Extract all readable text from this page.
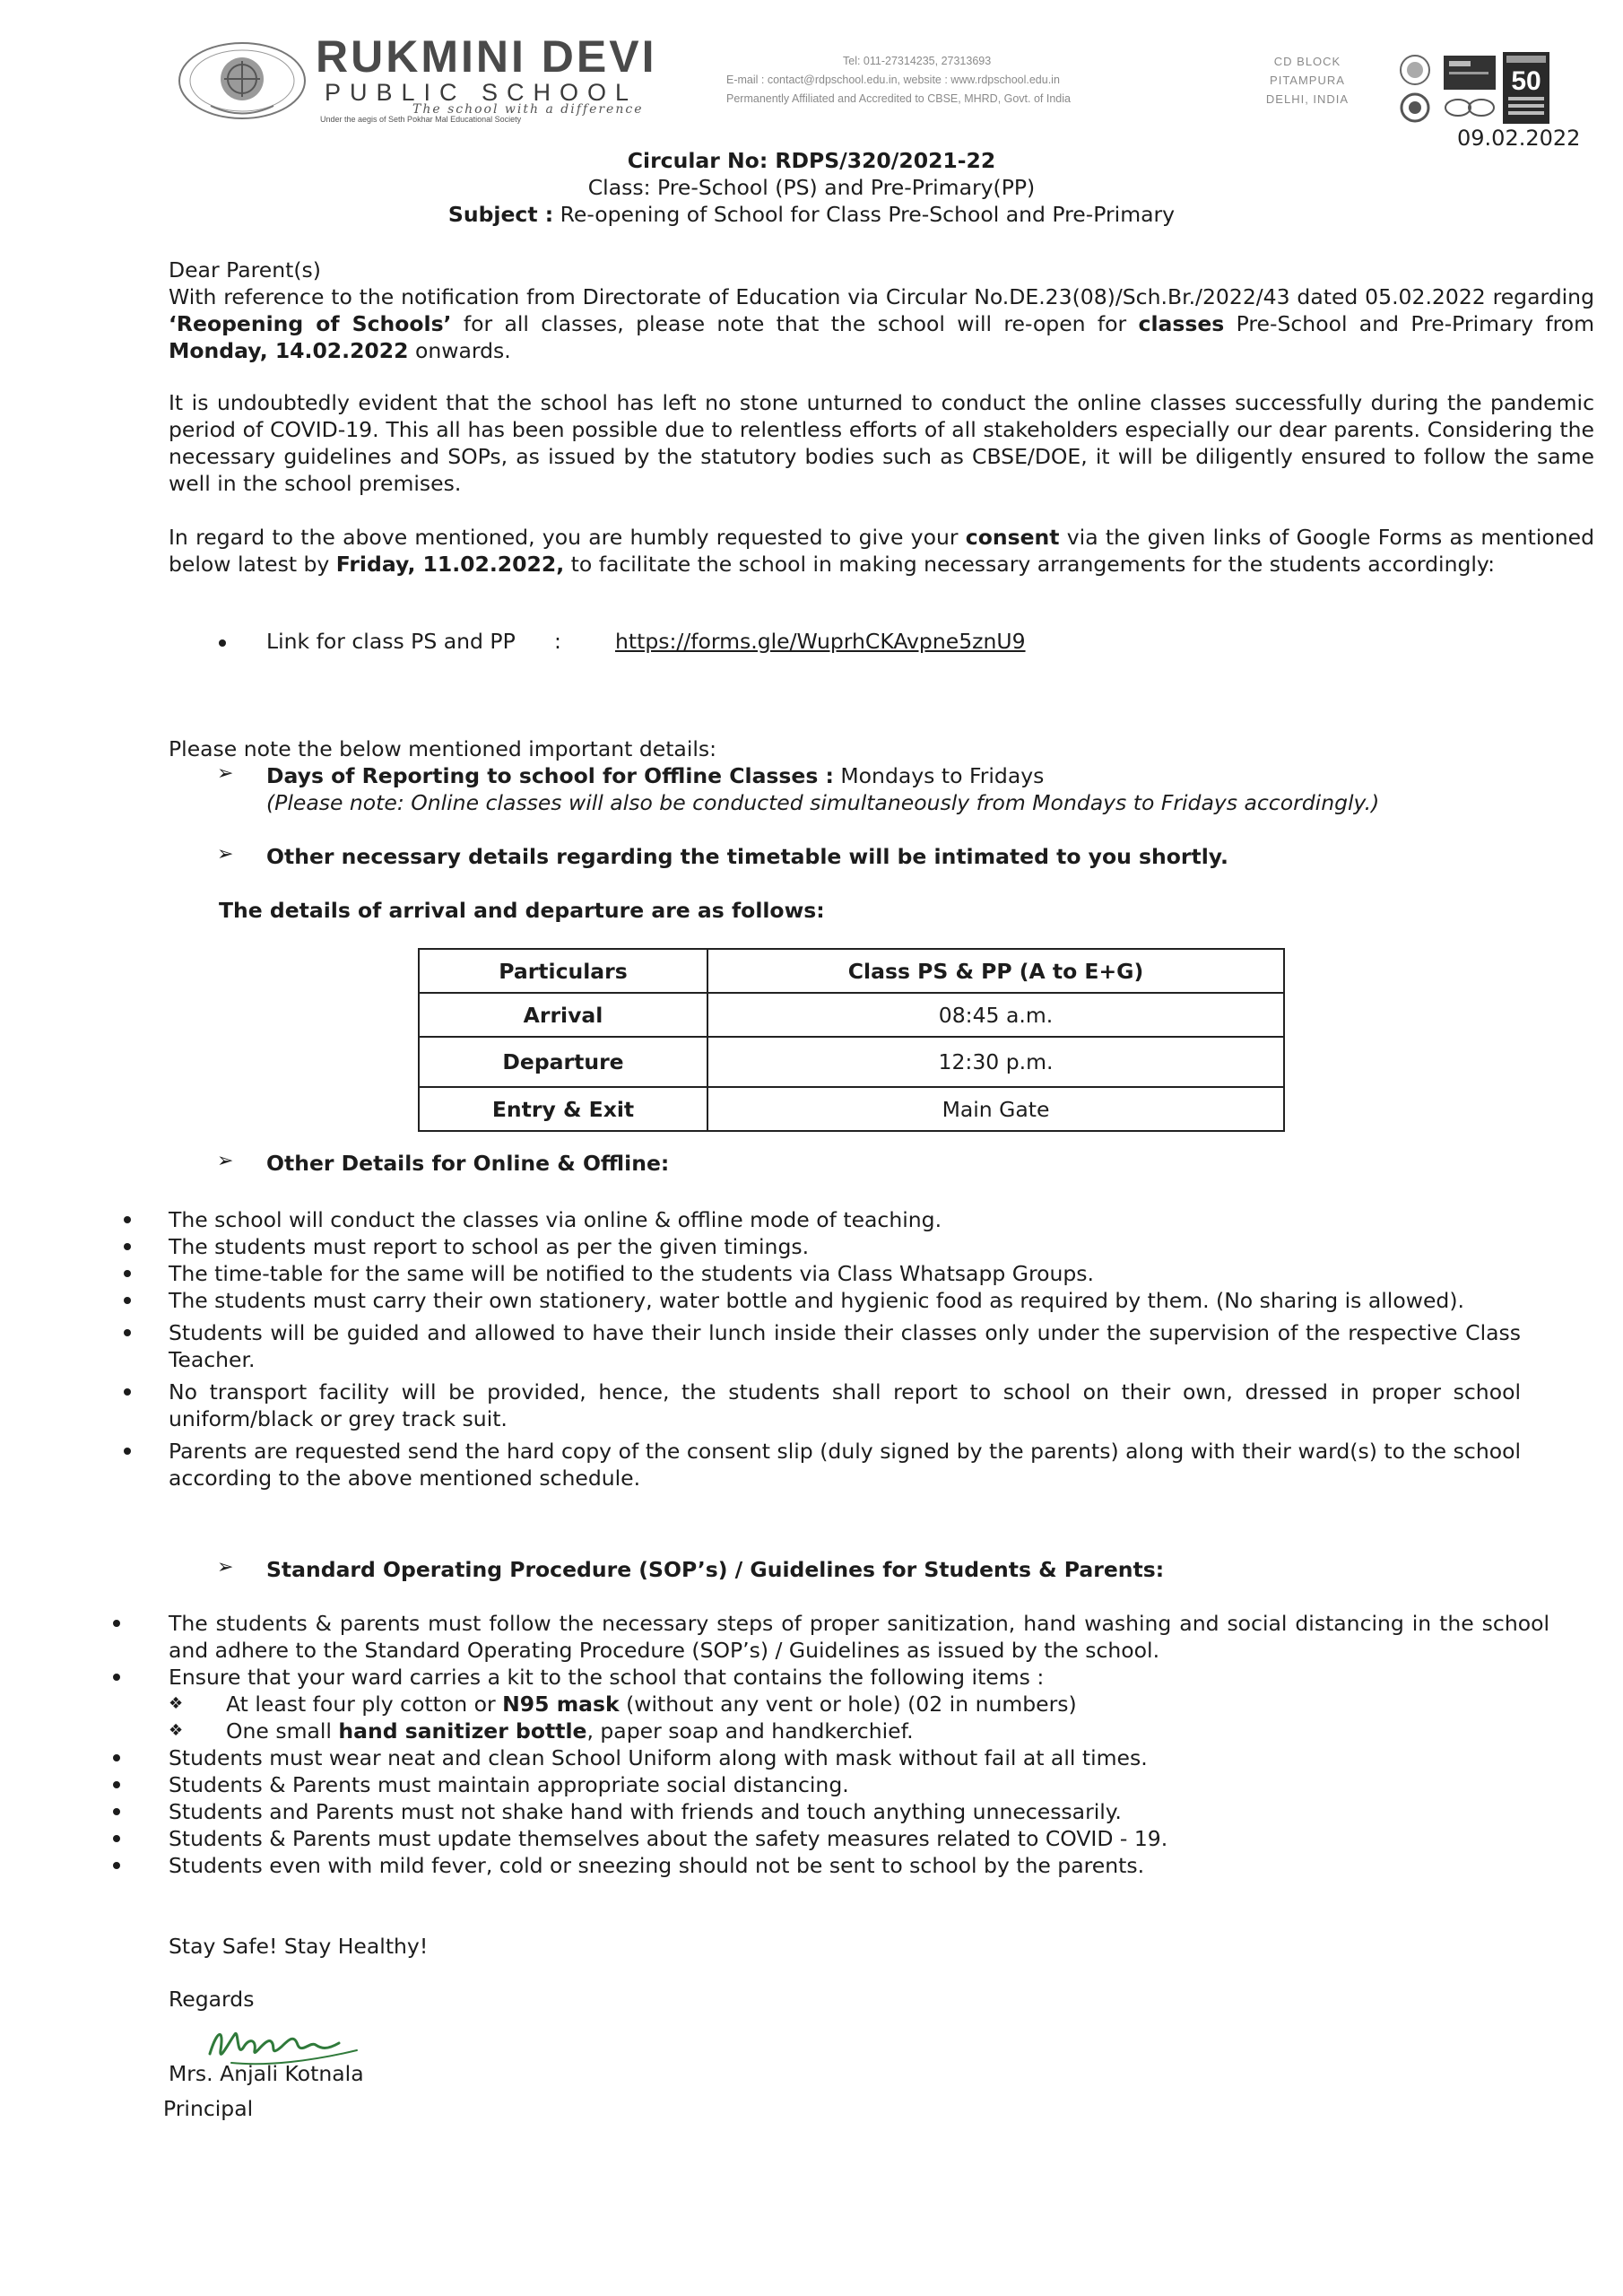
RUKMINI DEVI
PUBLIC SCHOOL
The school with a difference
Under the aegis of Seth Pokhar Mal Educational Society
Tel: 011-27314235, 27313693
E-mail : contact@rdpschool.edu.in, website : www.rdpschool.edu.in
Permanently Affiliated and Accredited to CBSE, MHRD, Govt. of India
CD BLOCK
PITAMPURA
DELHI, INDIA
50
09.02.2022
Circular No: RDPS/320/2021-22
Class: Pre-School (PS) and Pre-Primary(PP)
Subject : Re-opening of School for Class Pre-School and Pre-Primary
Dear Parent(s)
With reference to the notification from Directorate of Education via Circular No.DE.23(08)/Sch.Br./2022/43 dated 05.02.2022 regarding ‘Reopening of Schools’ for all classes, please note that the school will re-open for classes Pre-School and Pre-Primary from Monday, 14.02.2022 onwards.
It is undoubtedly evident that the school has left no stone unturned to conduct the online classes successfully during the pandemic period of COVID-19. This all has been possible due to relentless efforts of all stakeholders especially our dear parents. Considering the necessary guidelines and SOPs, as issued by the statutory bodies such as CBSE/DOE, it will be diligently ensured to follow the same well in the school premises.
In regard to the above mentioned, you are humbly requested to give your consent via the given links of Google Forms as mentioned below latest by Friday, 11.02.2022, to facilitate the school in making necessary arrangements for the students accordingly:
Link for class PS and PP :	https://forms.gle/WuprhCKAvpne5znU9
Please note the below mentioned important details:
➢ Days of Reporting to school for Offline Classes : Mondays to Fridays
(Please note: Online classes will also be conducted simultaneously from Mondays to Fridays accordingly.)
➢ Other necessary details regarding the timetable will be intimated to you shortly.
The details of arrival and departure are as follows:
Particulars	Class PS & PP (A to E+G)
Arrival	08:45 a.m.
Departure	12:30 p.m.
Entry & Exit	Main Gate
➢ Other Details for Online & Offline:
The school will conduct the classes via online & offline mode of teaching.
The students must report to school as per the given timings.
The time-table for the same will be notified to the students via Class Whatsapp Groups.
The students must carry their own stationery, water bottle and hygienic food as required by them. (No sharing is allowed).
Students will be guided and allowed to have their lunch inside their classes only under the supervision of the respective Class Teacher.
No transport facility will be provided, hence, the students shall report to school on their own, dressed in proper school uniform/black or grey track suit.
Parents are requested send the hard copy of the consent slip (duly signed by the parents) along with their ward(s) to the school according to the above mentioned schedule.
➢ Standard Operating Procedure (SOP’s) / Guidelines for Students & Parents:
The students & parents must follow the necessary steps of proper sanitization, hand washing and social distancing in the school and adhere to the Standard Operating Procedure (SOP’s) / Guidelines as issued by the school.
Ensure that your ward carries a kit to the school that contains the following items :
❖ At least four ply cotton or N95 mask (without any vent or hole) (02 in numbers)
❖ One small hand sanitizer bottle, paper soap and handkerchief.
Students must wear neat and clean School Uniform along with mask without fail at all times.
Students & Parents must maintain appropriate social distancing.
Students and Parents must not shake hand with friends and touch anything unnecessarily.
Students & Parents must update themselves about the safety measures related to COVID - 19.
Students even with mild fever, cold or sneezing should not be sent to school by the parents.
Stay Safe! Stay Healthy!
Regards
Mrs. Anjali Kotnala
Principal
